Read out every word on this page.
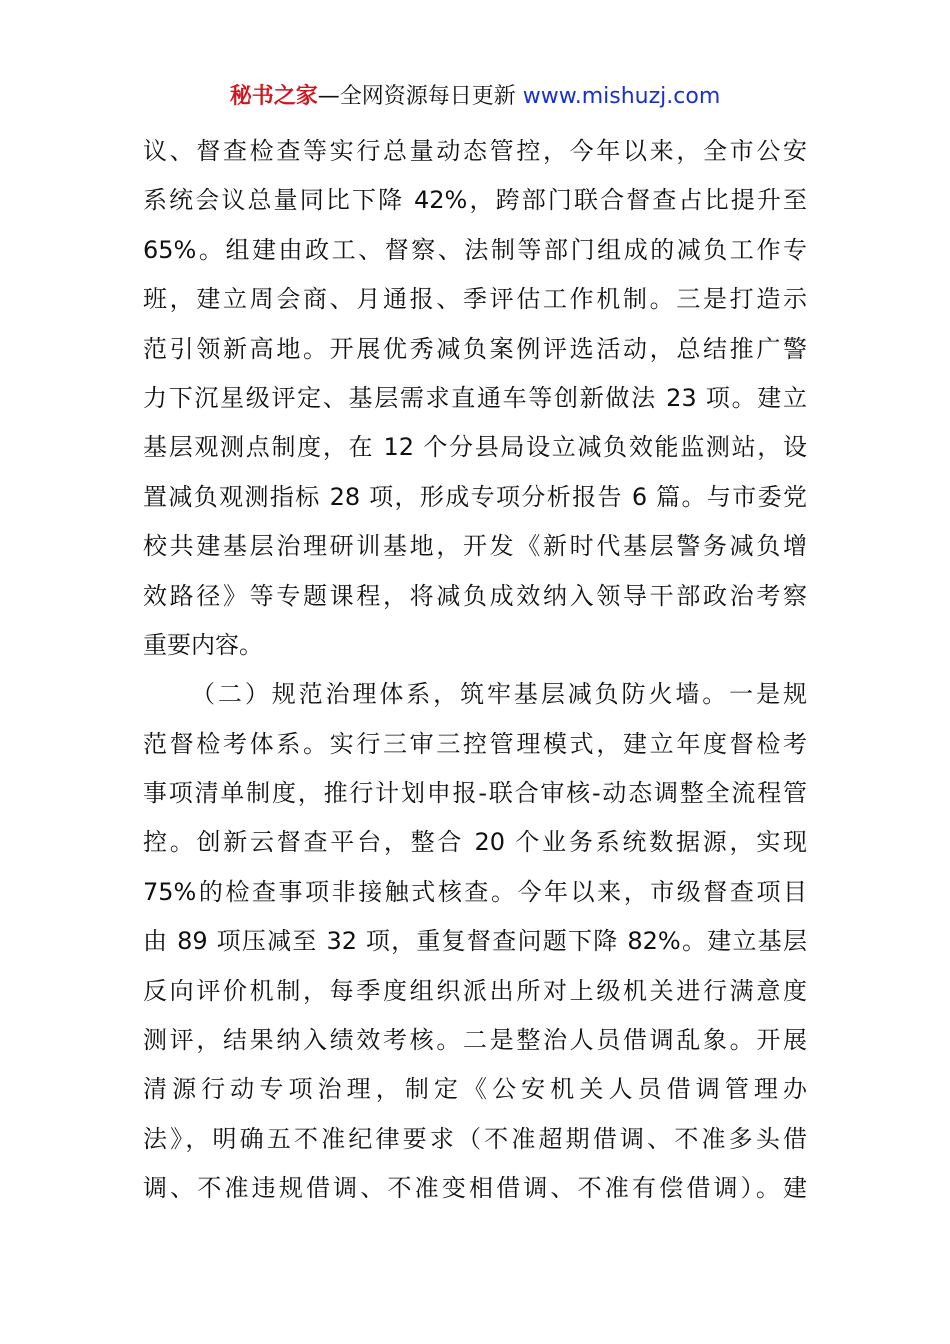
秘书之家—全网资源每日更新 www.mishuzj.com
议、督查检查等实行总量动态管控，今年以来，全市公安
系统会议总量同比下降 42%，跨部门联合督查占比提升至
65%。组建由政工、督察、法制等部门组成的减负工作专
班，建立周会商、月通报、季评估工作机制。三是打造示
范引领新高地。开展优秀减负案例评选活动，总结推广警
力下沉星级评定、基层需求直通车等创新做法 23 项。建立
基层观测点制度，在 12 个分县局设立减负效能监测站，设
置减负观测指标 28 项，形成专项分析报告 6 篇。与市委党
校共建基层治理研训基地，开发《新时代基层警务减负增
效路径》等专题课程，将减负成效纳入领导干部政治考察
重要内容。
（二）规范治理体系，筑牢基层减负防火墙。一是规
范督检考体系。实行三审三控管理模式，建立年度督检考
事项清单制度，推行计划申报-联合审核-动态调整全流程管
控。创新云督查平台，整合 20 个业务系统数据源，实现
75%的检查事项非接触式核查。今年以来，市级督查项目
由 89 项压减至 32 项，重复督查问题下降 82%。建立基层
反向评价机制，每季度组织派出所对上级机关进行满意度
测评，结果纳入绩效考核。二是整治人员借调乱象。开展
清源行动专项治理，制定《公安机关人员借调管理办
法》，明确五不准纪律要求（不准超期借调、不准多头借
调、不准违规借调、不准变相借调、不准有偿借调）。建
